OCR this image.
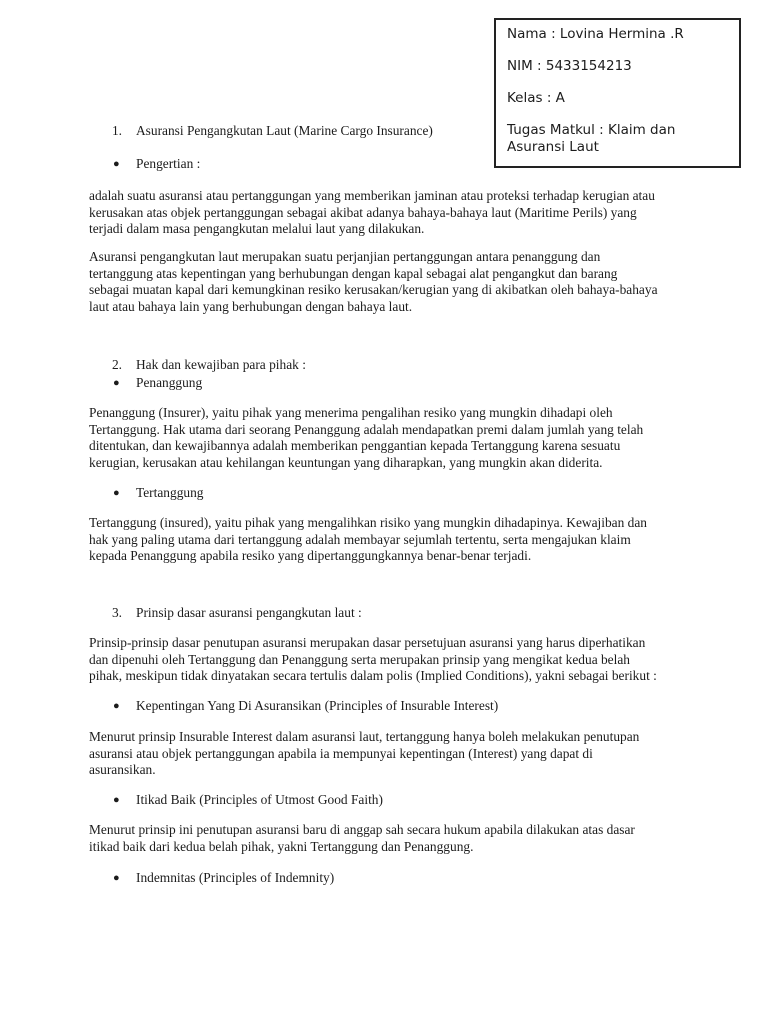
Nama : Lovina Hermina .R
NIM : 5433154213
Kelas : A
Tugas Matkul : Klaim dan Asuransi Laut
1. Asuransi Pengangkutan Laut (Marine Cargo Insurance)
● Pengertian :
adalah suatu asuransi atau pertanggungan yang memberikan jaminan atau proteksi terhadap kerugian atau
kerusakan atas objek pertanggungan sebagai akibat adanya bahaya-bahaya laut (Maritime Perils) yang
terjadi dalam masa pengangkutan melalui laut yang dilakukan.
Asuransi pengangkutan laut merupakan suatu perjanjian pertanggungan antara penanggung dan
tertanggung atas kepentingan yang berhubungan dengan kapal sebagai alat pengangkut dan barang
sebagai muatan kapal dari kemungkinan resiko kerusakan/kerugian yang di akibatkan oleh bahaya-bahaya
laut atau bahaya lain yang berhubungan dengan bahaya laut.
2. Hak dan kewajiban para pihak :
● Penanggung
Penanggung (Insurer), yaitu pihak yang menerima pengalihan resiko yang mungkin dihadapi oleh
Tertanggung. Hak utama dari seorang Penanggung adalah mendapatkan premi dalam jumlah yang telah
ditentukan, dan kewajibannya adalah memberikan penggantian kepada Tertanggung karena sesuatu
kerugian, kerusakan atau kehilangan keuntungan yang diharapkan, yang mungkin akan diderita.
● Tertanggung
Tertanggung (insured), yaitu pihak yang mengalihkan risiko yang mungkin dihadapinya. Kewajiban dan
hak yang paling utama dari tertanggung adalah membayar sejumlah tertentu, serta mengajukan klaim
kepada Penanggung apabila resiko yang dipertanggungkannya benar-benar terjadi.
3. Prinsip dasar asuransi pengangkutan laut :
Prinsip-prinsip dasar penutupan asuransi merupakan dasar persetujuan asuransi yang harus diperhatikan
dan dipenuhi oleh Tertanggung dan Penanggung serta merupakan prinsip yang mengikat kedua belah
pihak, meskipun tidak dinyatakan secara tertulis dalam polis (Implied Conditions), yakni sebagai berikut :
● Kepentingan Yang Di Asuransikan (Principles of Insurable Interest)
Menurut prinsip Insurable Interest dalam asuransi laut, tertanggung hanya boleh melakukan penutupan
asuransi atau objek pertanggungan apabila ia mempunyai kepentingan (Interest) yang dapat di
asuransikan.
● Itikad Baik (Principles of Utmost Good Faith)
Menurut prinsip ini penutupan asuransi baru di anggap sah secara hukum apabila dilakukan atas dasar
itikad baik dari kedua belah pihak, yakni Tertanggung dan Penanggung.
● Indemnitas (Principles of Indemnity)
